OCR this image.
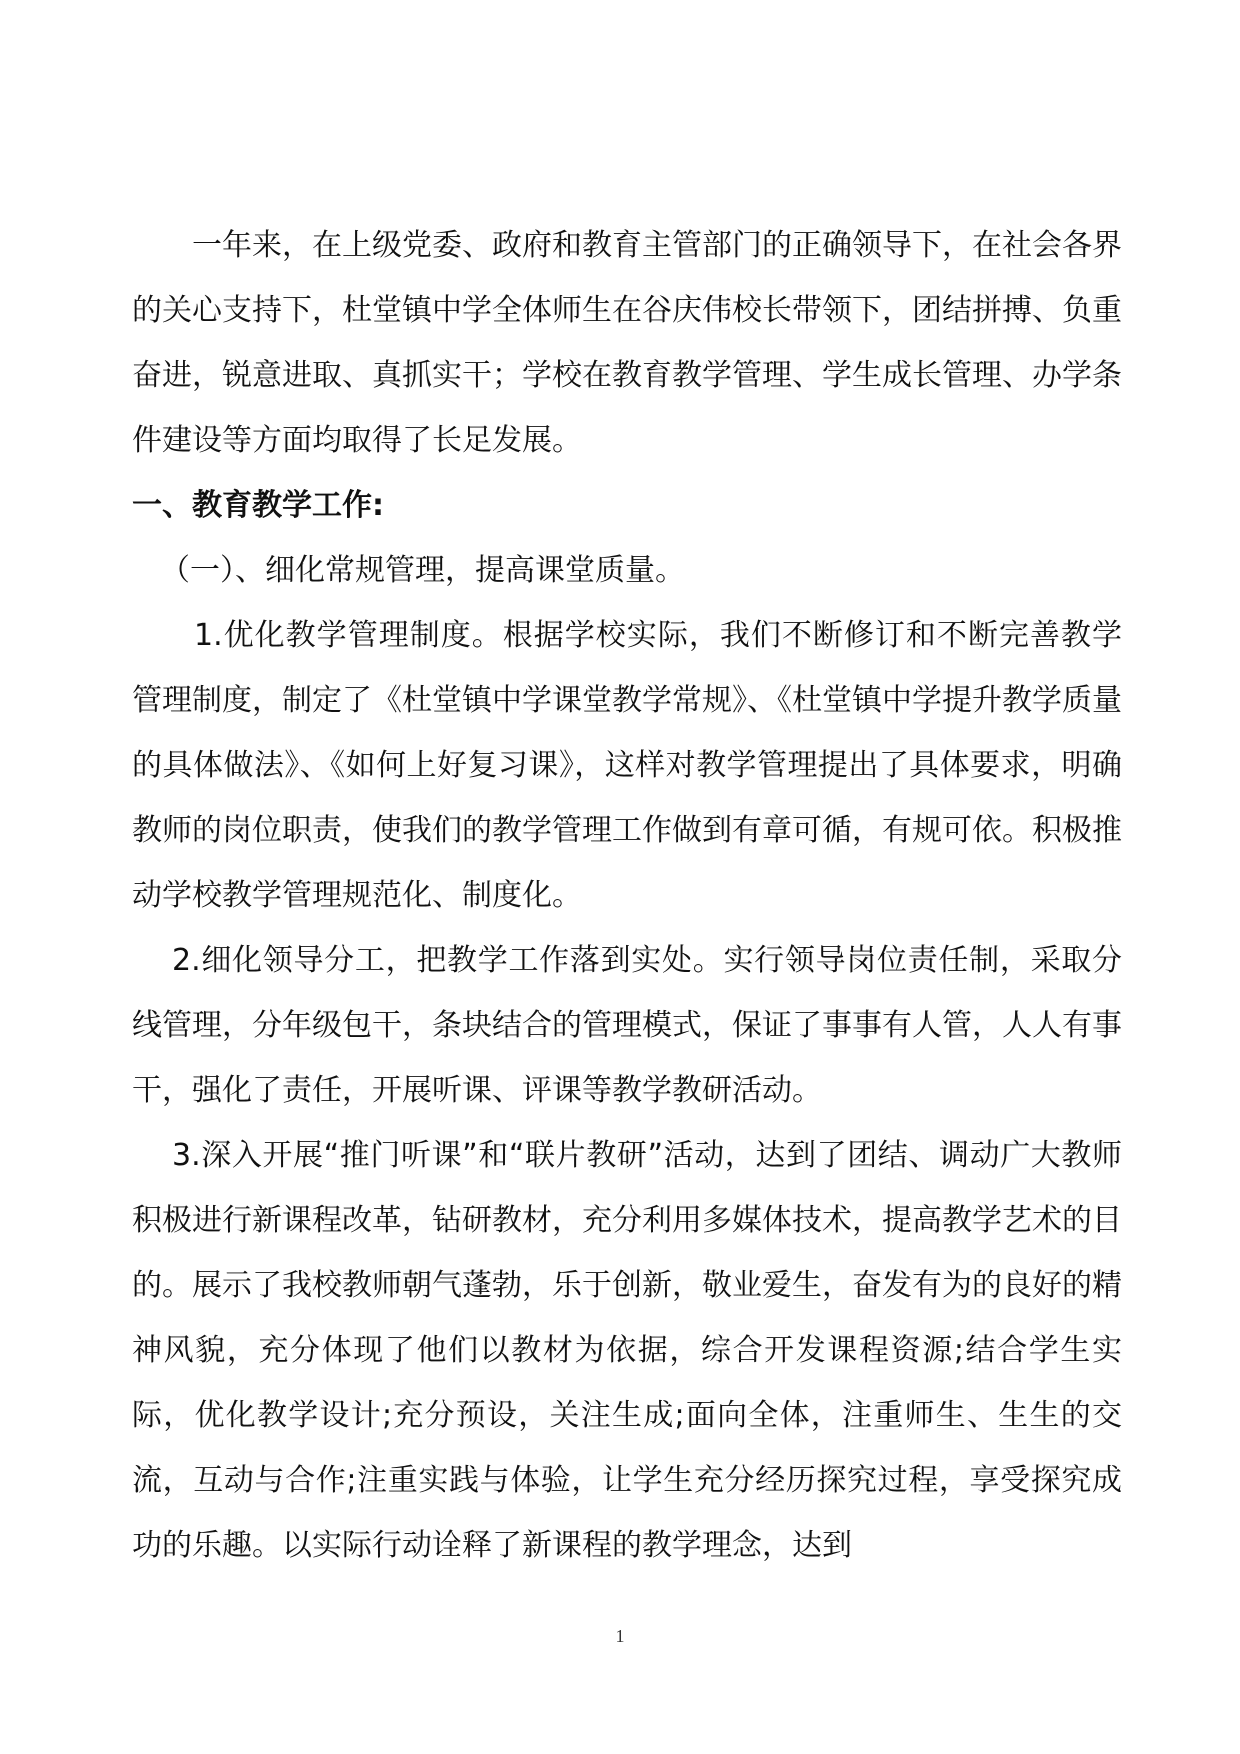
一年来，在上级党委、政府和教育主管部门的正确领导下，在社会各界的关心支持下，杜堂镇中学全体师生在谷庆伟校长带领下，团结拼搏、负重奋进，锐意进取、真抓实干；学校在教育教学管理、学生成长管理、办学条件建设等方面均取得了长足发展。

一、教育教学工作:

（一）、细化常规管理，提高课堂质量。

1.优化教学管理制度。根据学校实际，我们不断修订和不断完善教学管理制度，制定了《杜堂镇中学课堂教学常规》、《杜堂镇中学提升教学质量的具体做法》、《如何上好复习课》，这样对教学管理提出了具体要求，明确教师的岗位职责，使我们的教学管理工作做到有章可循，有规可依。积极推动学校教学管理规范化、制度化。

2.细化领导分工，把教学工作落到实处。实行领导岗位责任制，采取分线管理，分年级包干，条块结合的管理模式，保证了事事有人管，人人有事干，强化了责任，开展听课、评课等教学教研活动。

3.深入开展“推门听课”和“联片教研”活动，达到了团结、调动广大教师积极进行新课程改革，钻研教材，充分利用多媒体技术，提高教学艺术的目的。展示了我校教师朝气蓬勃，乐于创新，敬业爱生，奋发有为的良好的精神风貌，充分体现了他们以教材为依据，综合开发课程资源;结合学生实际，优化教学设计;充分预设，关注生成;面向全体，注重师生、生生的交流，互动与合作;注重实践与体验，让学生充分经历探究过程，享受探究成功的乐趣。以实际行动诠释了新课程的教学理念，达到

1
